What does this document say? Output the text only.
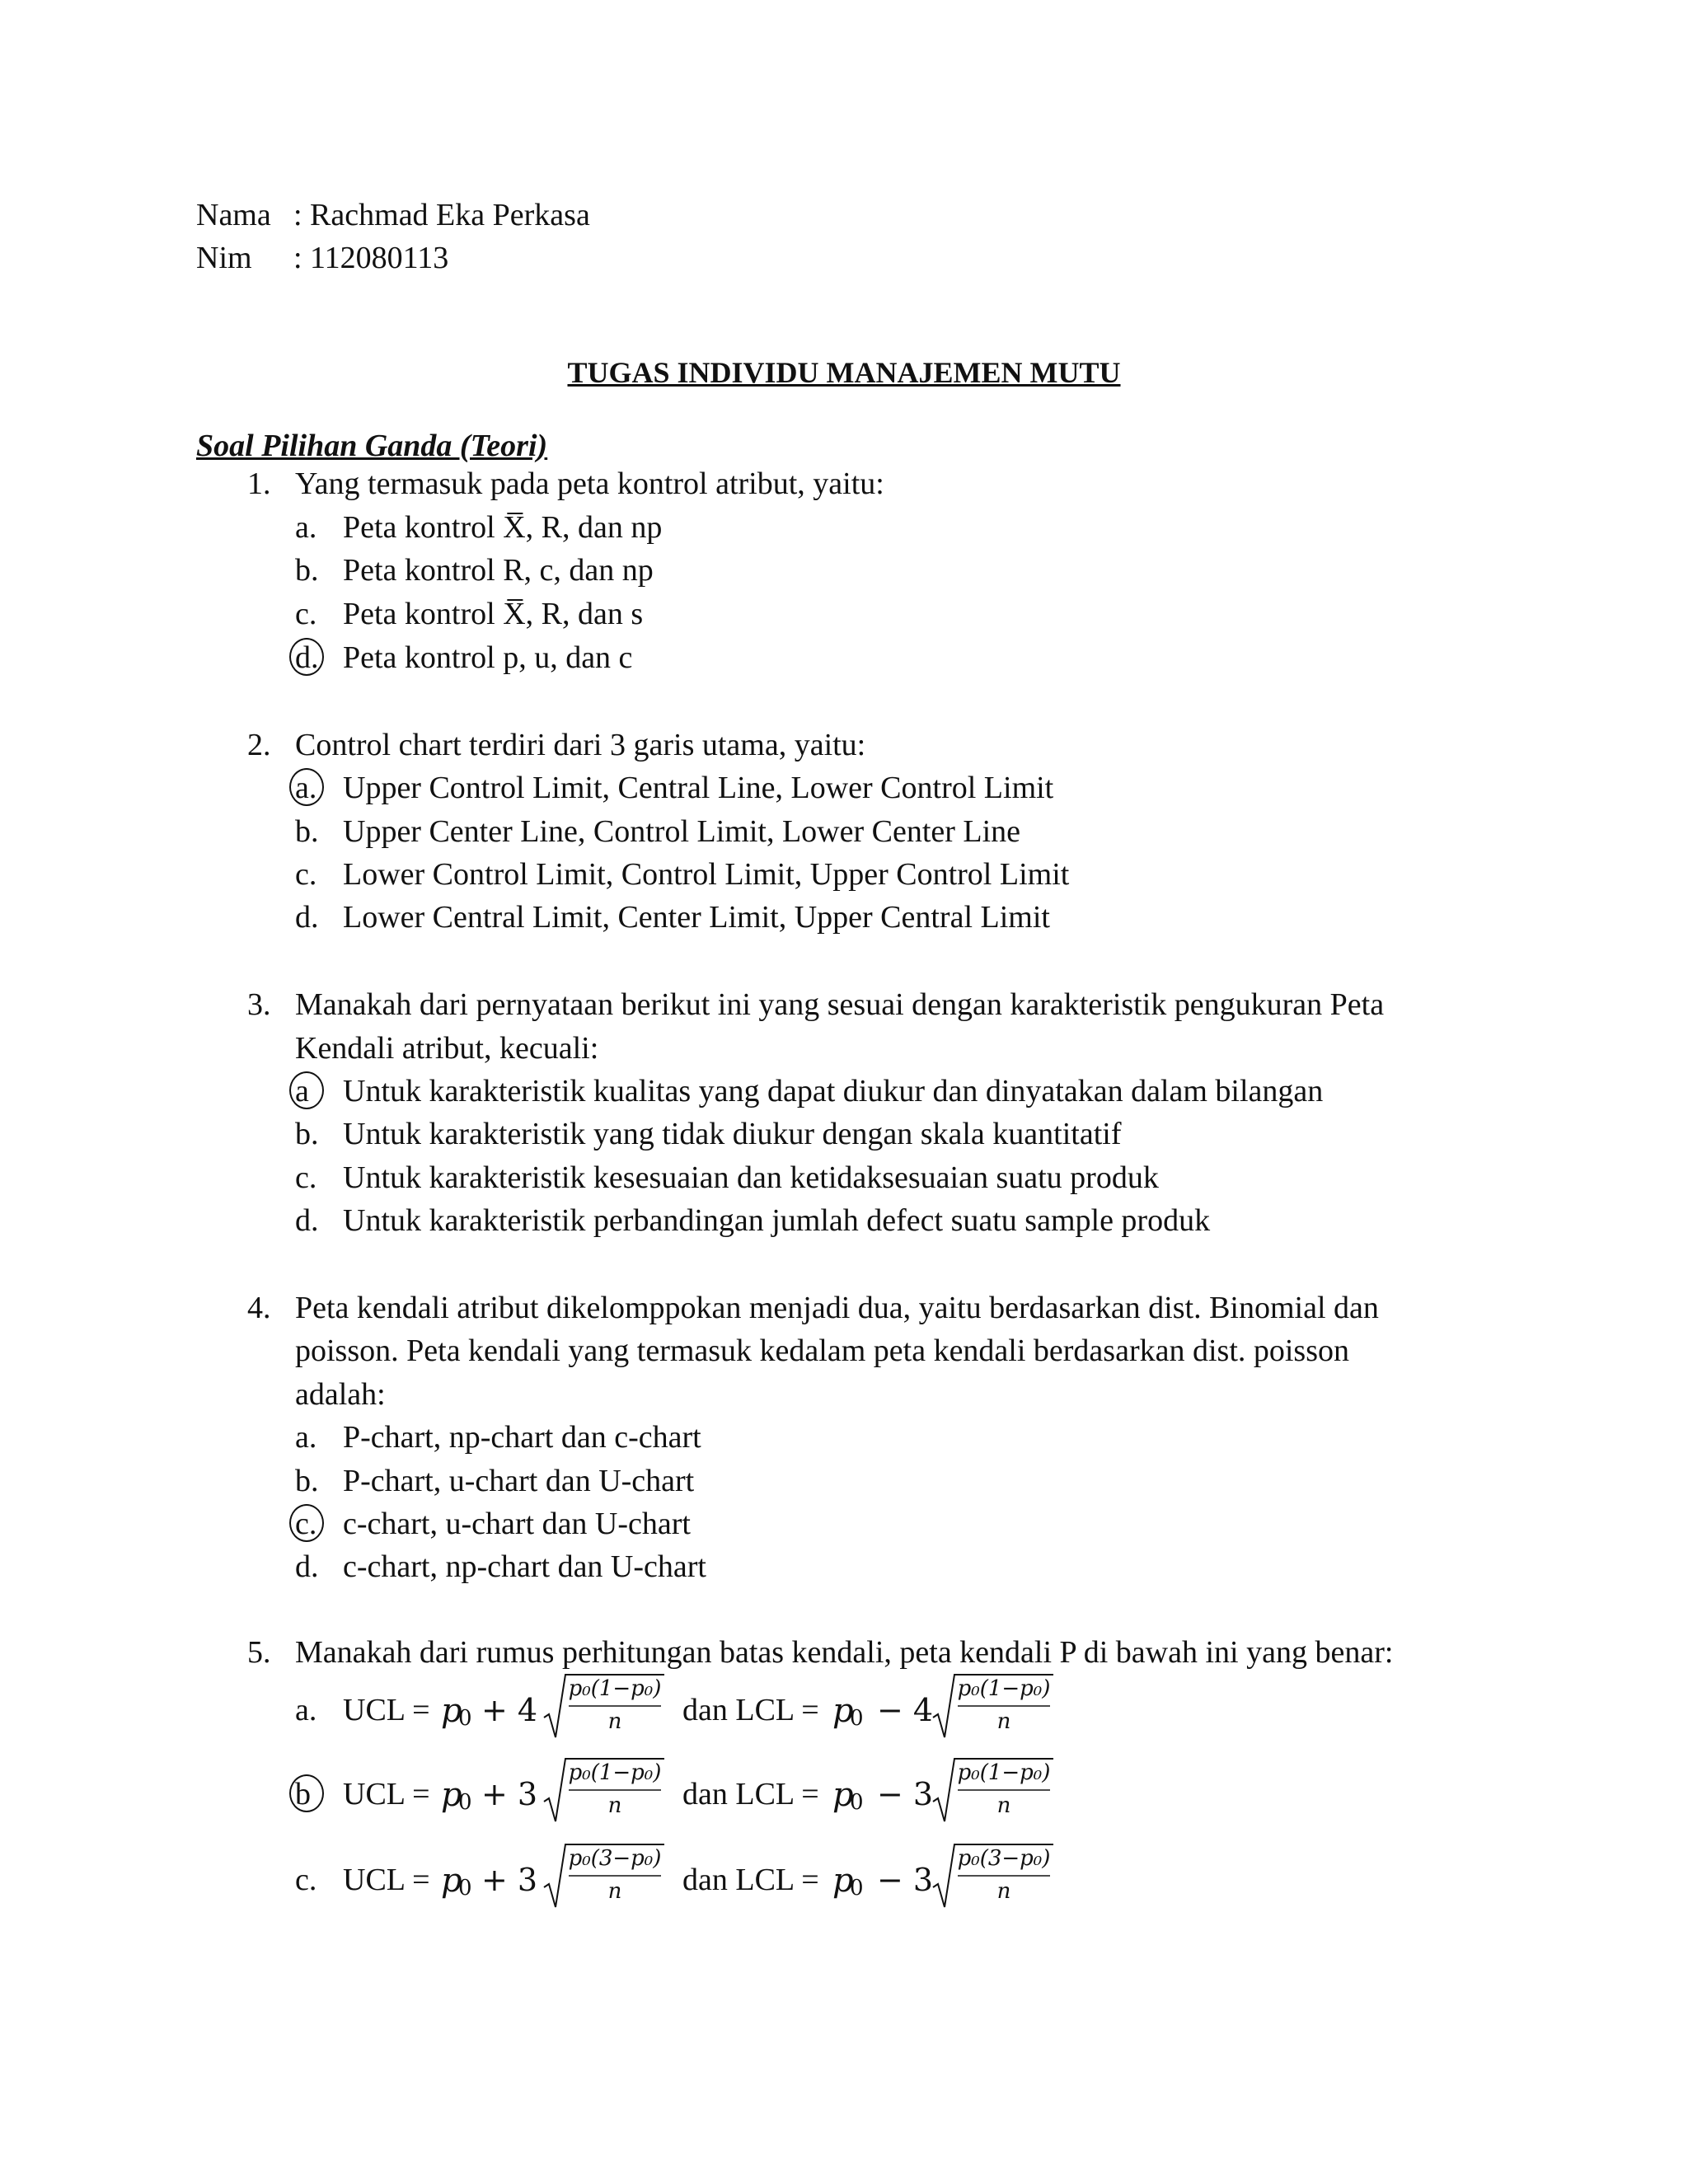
Nama : Rachmad Eka Perkasa
Nim : 112080113
TUGAS INDIVIDU MANAJEMEN MUTU
Soal Pilihan Ganda (Teori)
1. Yang termasuk pada peta kontrol atribut, yaitu:
a. Peta kontrol X̅, R, dan np
b. Peta kontrol R, c, dan np
c. Peta kontrol X̅, R, dan s
d. Peta kontrol p, u, dan c
2. Control chart terdiri dari 3 garis utama, yaitu:
a. Upper Control Limit, Central Line, Lower Control Limit
b. Upper Center Line, Control Limit, Lower Center Line
c. Lower Control Limit, Control Limit, Upper Control Limit
d. Lower Central Limit, Center Limit, Upper Central Limit
3. Manakah dari pernyataan berikut ini yang sesuai dengan karakteristik pengukuran Peta
Kendali atribut, kecuali:
a Untuk karakteristik kualitas yang dapat diukur dan dinyatakan dalam bilangan
b. Untuk karakteristik yang tidak diukur dengan skala kuantitatif
c. Untuk karakteristik kesesuaian dan ketidaksesuaian suatu produk
d. Untuk karakteristik perbandingan jumlah defect suatu sample produk
4. Peta kendali atribut dikelomppokan menjadi dua, yaitu berdasarkan dist. Binomial dan
poisson. Peta kendali yang termasuk kedalam peta kendali berdasarkan dist. poisson
adalah:
a. P-chart, np-chart dan c-chart
b. P-chart, u-chart dan U-chart
c. c-chart, u-chart dan U-chart
d. c-chart, np-chart dan U-chart
5. Manakah dari rumus perhitungan batas kendali, peta kendali P di bawah ini yang benar:
a. UCL = p
0 + 4
p₀(1−p₀)
n	dan LCL = p
0 − 4
p₀(1−p₀)
n
b UCL = p
0 + 3
p₀(1−p₀)
n	dan LCL = p
0 − 3
p₀(1−p₀)
n
c. UCL = p
0 + 3
p₀(3−p₀)
n	dan LCL = p
0 − 3
p₀(3−p₀)
n
